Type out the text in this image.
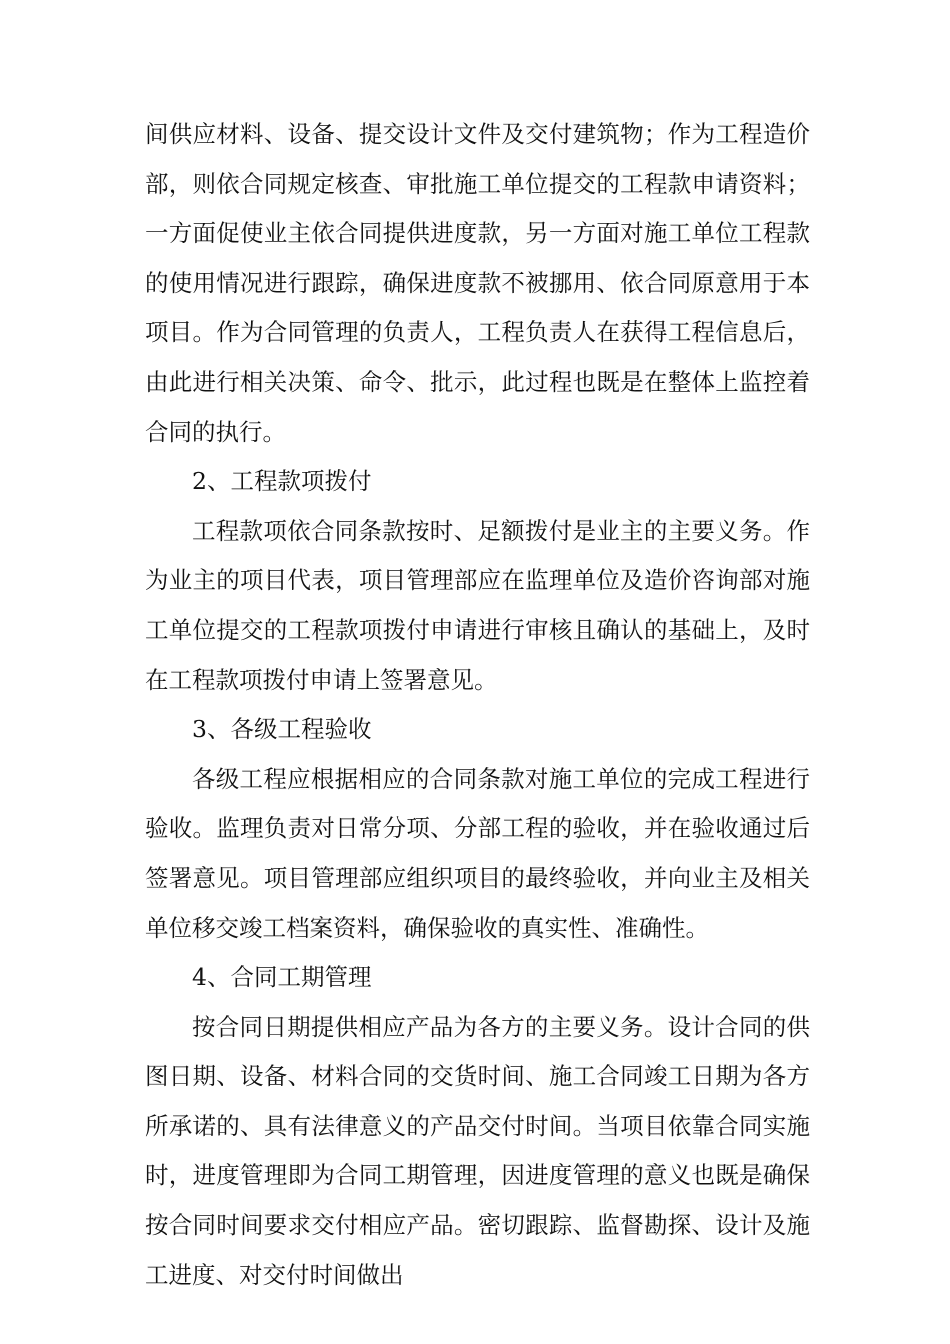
间供应材料、设备、提交设计文件及交付建筑物；作为工程造价部，则依合同规定核查、审批施工单位提交的工程款申请资料；一方面促使业主依合同提供进度款，另一方面对施工单位工程款的使用情况进行跟踪，确保进度款不被挪用、依合同原意用于本项目。作为合同管理的负责人，工程负责人在获得工程信息后，由此进行相关决策、命令、批示，此过程也既是在整体上监控着合同的执行。

2、工程款项拨付

工程款项依合同条款按时、足额拨付是业主的主要义务。作为业主的项目代表，项目管理部应在监理单位及造价咨询部对施工单位提交的工程款项拨付申请进行审核且确认的基础上，及时在工程款项拨付申请上签署意见。

3、各级工程验收

各级工程应根据相应的合同条款对施工单位的完成工程进行验收。监理负责对日常分项、分部工程的验收，并在验收通过后签署意见。项目管理部应组织项目的最终验收，并向业主及相关单位移交竣工档案资料，确保验收的真实性、准确性。

4、合同工期管理

按合同日期提供相应产品为各方的主要义务。设计合同的供图日期、设备、材料合同的交货时间、施工合同竣工日期为各方所承诺的、具有法律意义的产品交付时间。当项目依靠合同实施时，进度管理即为合同工期管理，因进度管理的意义也既是确保按合同时间要求交付相应产品。密切跟踪、监督勘探、设计及施工进度、对交付时间做出
